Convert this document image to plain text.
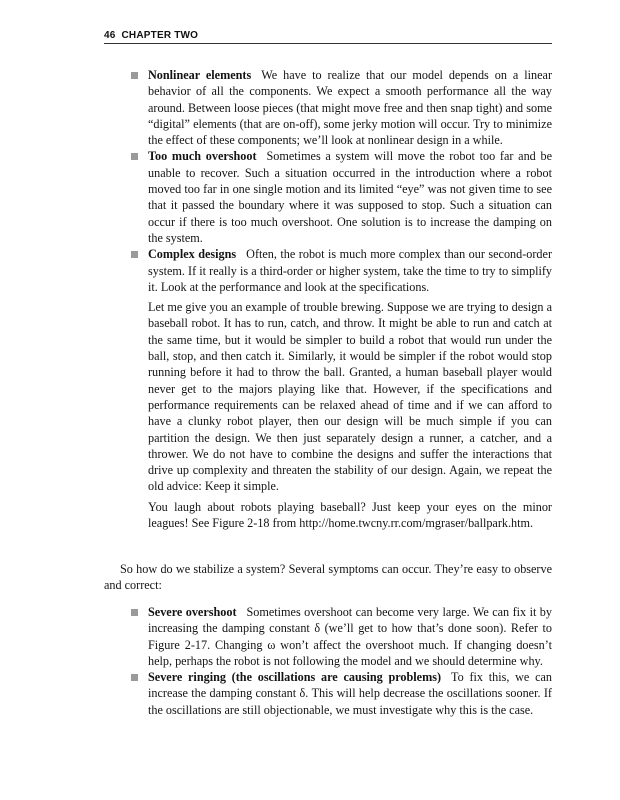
46 CHAPTER TWO

Nonlinear elements We have to realize that our model depends on a linear behavior of all the components. We expect a smooth performance all the way around. Between loose pieces (that might move free and then snap tight) and some “digital” elements (that are on-off), some jerky motion will occur. Try to minimize the effect of these components; we’ll look at nonlinear design in a while.

Too much overshoot Sometimes a system will move the robot too far and be unable to recover. Such a situation occurred in the introduction where a robot moved too far in one single motion and its limited “eye” was not given time to see that it passed the boundary where it was supposed to stop. Such a situation can occur if there is too much overshoot. One solution is to increase the damping on the system.

Complex designs Often, the robot is much more complex than our second-order system. If it really is a third-order or higher system, take the time to try to simplify it. Look at the performance and look at the specifications.

Let me give you an example of trouble brewing. Suppose we are trying to design a baseball robot. It has to run, catch, and throw. It might be able to run and catch at the same time, but it would be simpler to build a robot that would run under the ball, stop, and then catch it. Similarly, it would be simpler if the robot would stop running before it had to throw the ball. Granted, a human baseball player would never get to the majors playing like that. However, if the specifications and performance requirements can be relaxed ahead of time and if we can afford to have a clunky robot player, then our design will be much simple if you can partition the design. We then just separately design a runner, a catcher, and a thrower. We do not have to combine the designs and suffer the interactions that drive up complexity and threaten the stability of our design. Again, we repeat the old advice: Keep it simple.

You laugh about robots playing baseball? Just keep your eyes on the minor leagues! See Figure 2-18 from http://home.twcny.rr.com/mgraser/ballpark.htm.

So how do we stabilize a system? Several symptoms can occur. They’re easy to observe and correct:

Severe overshoot Sometimes overshoot can become very large. We can fix it by increasing the damping constant δ (we’ll get to how that’s done soon). Refer to Figure 2-17. Changing ω won’t affect the overshoot much. If changing doesn’t help, perhaps the robot is not following the model and we should determine why.

Severe ringing (the oscillations are causing problems) To fix this, we can increase the damping constant δ. This will help decrease the oscillations sooner. If the oscillations are still objectionable, we must investigate why this is the case.
